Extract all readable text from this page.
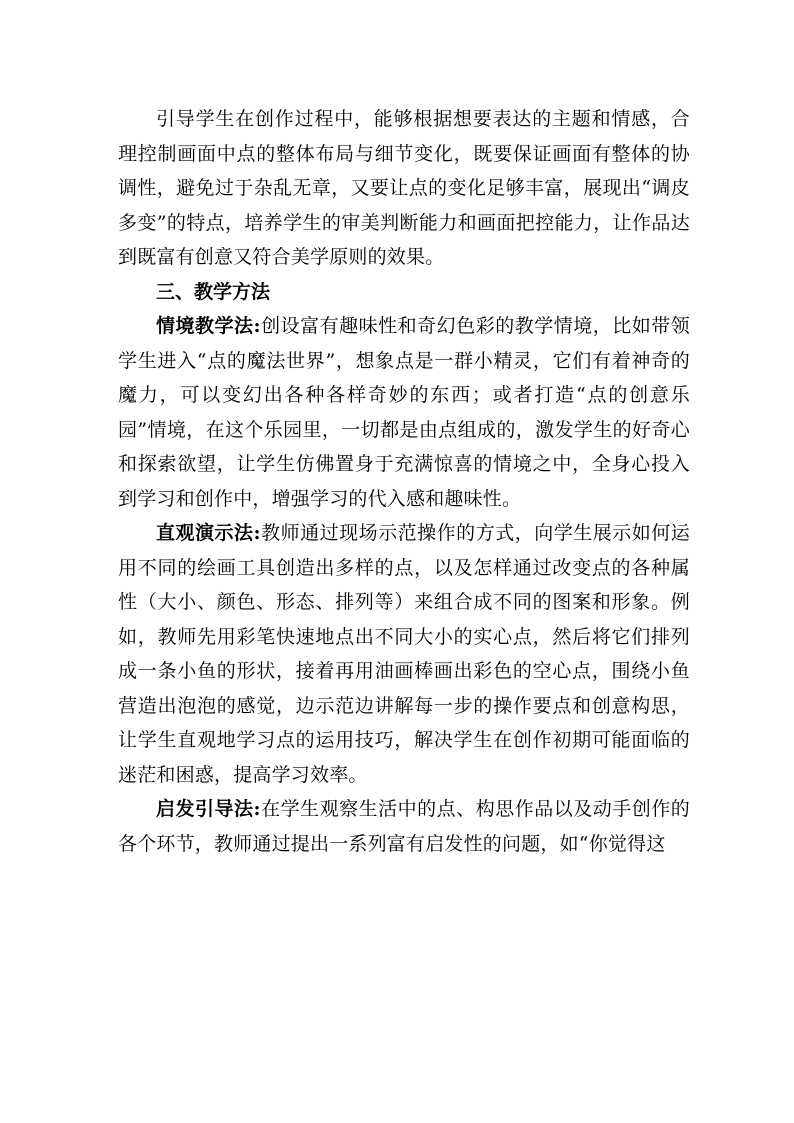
引导学生在创作过程中，能够根据想要表达的主题和情感，合理控制画面中点的整体布局与细节变化，既要保证画面有整体的协调性，避免过于杂乱无章，又要让点的变化足够丰富，展现出“调皮多变”的特点，培养学生的审美判断能力和画面把控能力，让作品达到既富有创意又符合美学原则的效果。

三、教学方法

情境教学法:创设富有趣味性和奇幻色彩的教学情境，比如带领学生进入“点的魔法世界”，想象点是一群小精灵，它们有着神奇的魔力，可以变幻出各种各样奇妙的东西；或者打造“点的创意乐园”情境，在这个乐园里，一切都是由点组成的，激发学生的好奇心和探索欲望，让学生仿佛置身于充满惊喜的情境之中，全身心投入到学习和创作中，增强学习的代入感和趣味性。

直观演示法:教师通过现场示范操作的方式，向学生展示如何运用不同的绘画工具创造出多样的点，以及怎样通过改变点的各种属性（大小、颜色、形态、排列等）来组合成不同的图案和形象。例如，教师先用彩笔快速地点出不同大小的实心点，然后将它们排列成一条小鱼的形状，接着再用油画棒画出彩色的空心点，围绕小鱼营造出泡泡的感觉，边示范边讲解每一步的操作要点和创意构思，让学生直观地学习点的运用技巧，解决学生在创作初期可能面临的迷茫和困惑，提高学习效率。

启发引导法:在学生观察生活中的点、构思作品以及动手创作的各个环节，教师通过提出一系列富有启发性的问题，如“你觉得这
